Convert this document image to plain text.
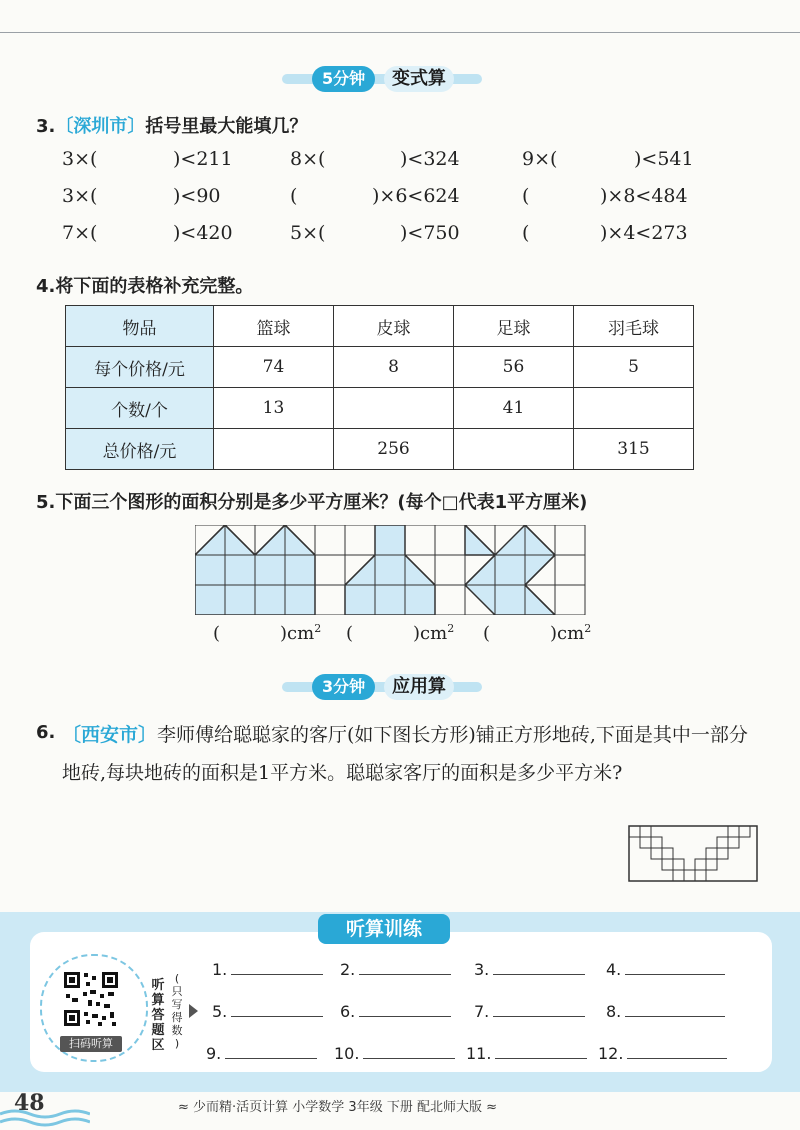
5分钟	变式算
3.〔深圳市〕括号里最大能填几？
3×(	)<211	8×(	)<324	9×(	)<541
3×(	)<90	(	)×6<624	(	)×8<484
7×(	)<420	5×(	)<750	(	)×4<273
4.将下面的表格补充完整。
物品	篮球	皮球	足球	羽毛球
每个价格/元	74	8	56	5
个数/个	13		41	
总价格/元		256		315
5.下面三个图形的面积分别是多少平方厘米？(每个□代表1平方厘米)
(	)$cm^2$ (	)$cm^2$ (	)$cm^2$
3分钟	应用算
6. 〔西安市〕李师傅给聪聪家的客厅(如下图长方形)铺正方形地砖,下面是其中一部分地砖,每块地砖的面积是1平方米。聪聪家客厅的面积是多少平方米?
听算训练
扫码听算
听
算
答
题
区
(
只
写
得
数
)
1.	2.	3.	4.
5.	6.	7.	8.
9.	10.	11.	12.
48	≈ 少而精·活页计算 小学数学 3年级 下册 配北师大版 ≈
